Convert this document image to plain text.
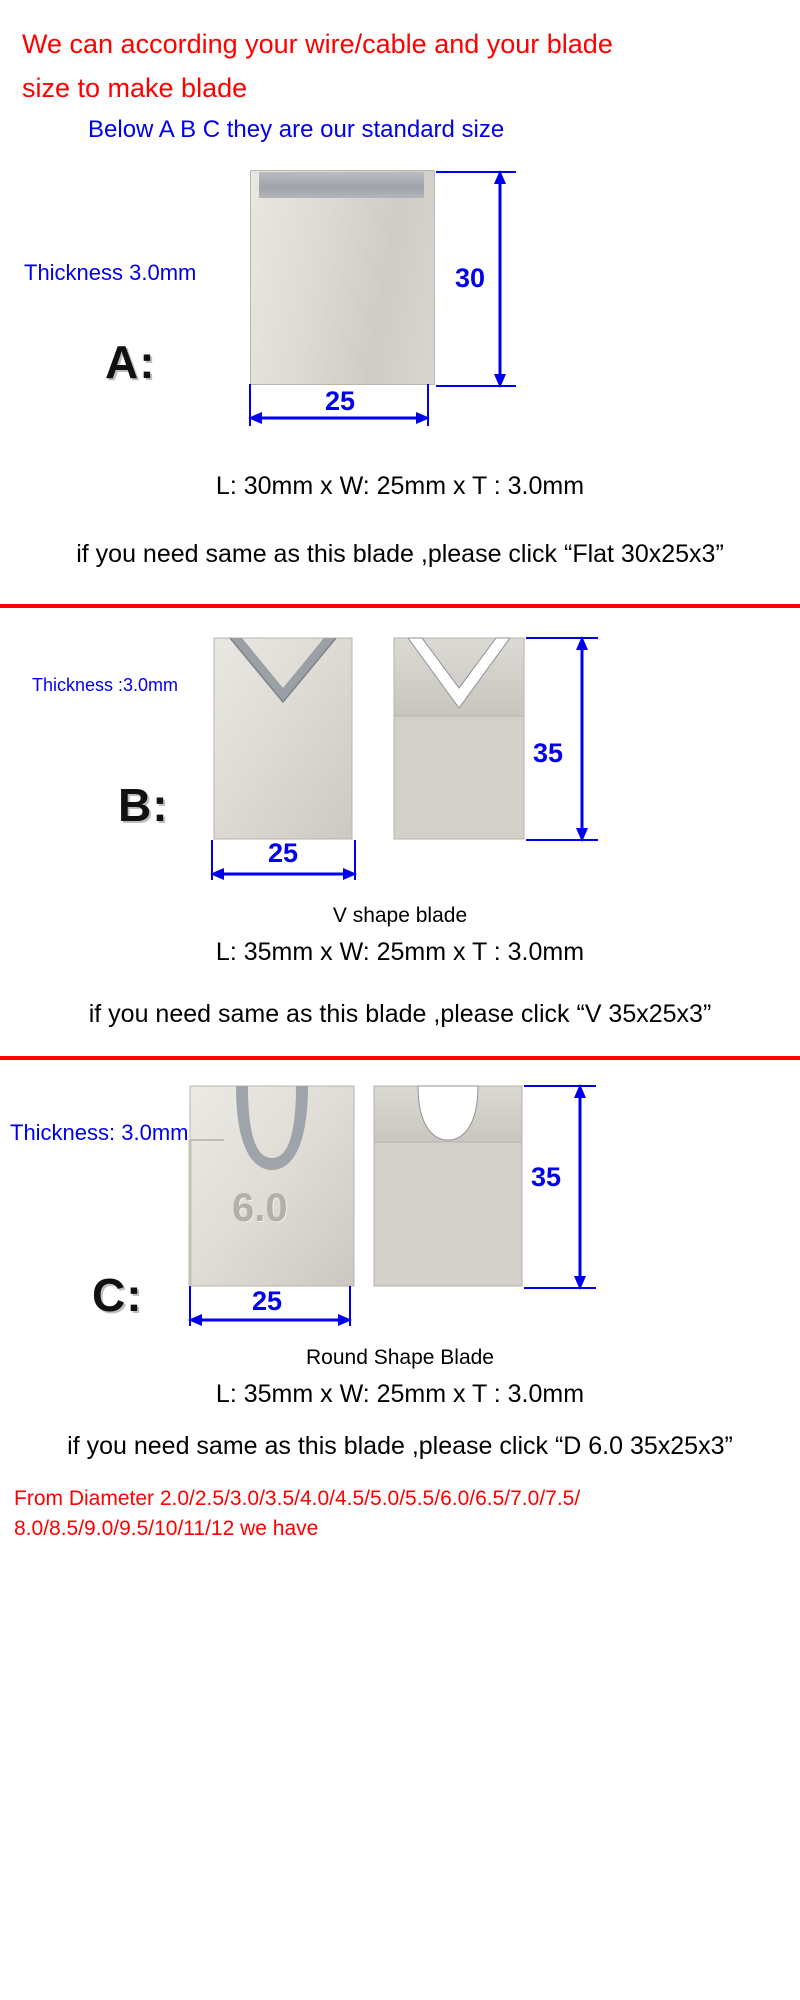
We can according your wire/cable and your blade
size to make blade
Below A B C they are our standard size
30
25
Thickness 3.0mm
A:
L: 30mm x W: 25mm x T : 3.0mm
if you need same as this blade ,please click “Flat 30x25x3”
35
25
Thickness :3.0mm
B:
V shape blade
L: 35mm x W: 25mm x T : 3.0mm
if you need same as this blade ,please click “V 35x25x3”
6.0
35
25
Thickness: 3.0mm
C:
Round Shape Blade
L: 35mm x W: 25mm x T : 3.0mm
if you need same as this blade ,please click “D 6.0 35x25x3”
From Diameter 2.0/2.5/3.0/3.5/4.0/4.5/5.0/5.5/6.0/6.5/7.0/7.5/
8.0/8.5/9.0/9.5/10/11/12 we have
